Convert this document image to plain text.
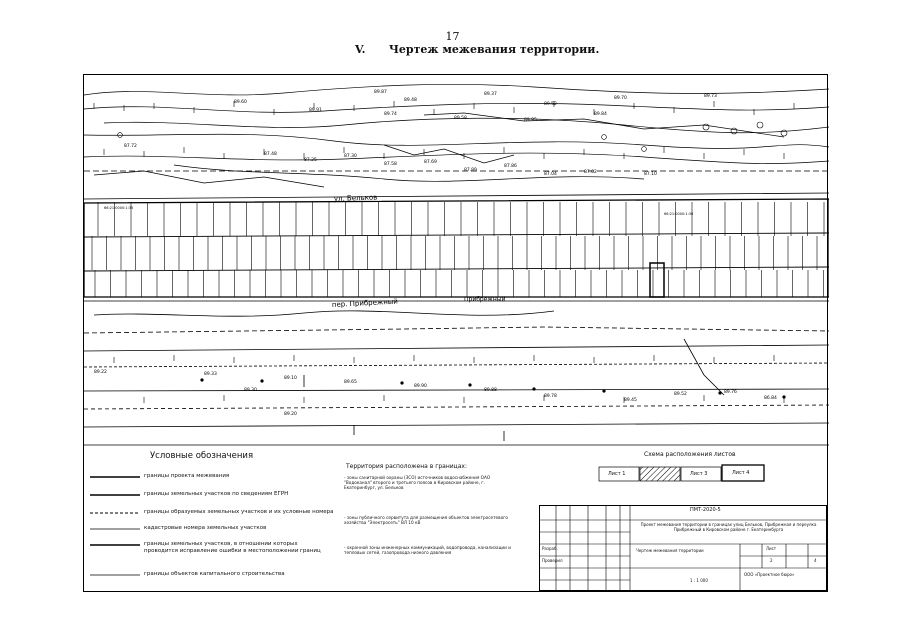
17
V. Чертеж межевания территории.
ул. Бельков
пер. Прибрежный	Прибрежный
66:21:0000:1:35
66:21:0000:1:36
89.87
89.48
89.37
89.52
89.70	89.73
89.60
89.91
89.74
89.58	89.95
89.84
87.72
87.48
87.25
87.30
87.58	87.69
87.89
87.86
87.04	87.02	87.10
89.22	89.33
89.10
89.65
89.90
89.88
89.78
89.45
89.52	89.76
86.84
89.30
89.20
Условные обозначения
границы проекта межевания
границы земельных участков по сведениям ЕГРН
границы образуемых земельных участков и их условные номера
кадастровые номера земельных участков
границы земельных участков, в отношении которых проводится исправление ошибки в местоположении границ
границы объектов капитального строительства
Территория расположена в границах:
- зоны санитарной охраны (ЗСО) источников водоснабжения ОАО "Водоканал" второго и третьего поясов в Кировском районе, г. Екатеринбург, ул. Бельков
- зоны публичного сервитута для размещения объектов электросетевого хозяйства "Электросеть" ВЛ 10 кВ
- охранной зоны инженерных коммуникаций, водопровода, канализации и тепловых сетей, газопровода низкого давления
Схема расположения листов
Лист 1	Лист 3	Лист 4
ПМТ-2020-5
Проект межевания территории в границах улиц Бельков, Прибрежная и переулка Прибрежный в Кировском районе г. Екатеринбурга
Чертеж межевания территории
Разраб.
Проверил
Лист
2	4
1 : 1 000
ООО «Проектное бюро»
